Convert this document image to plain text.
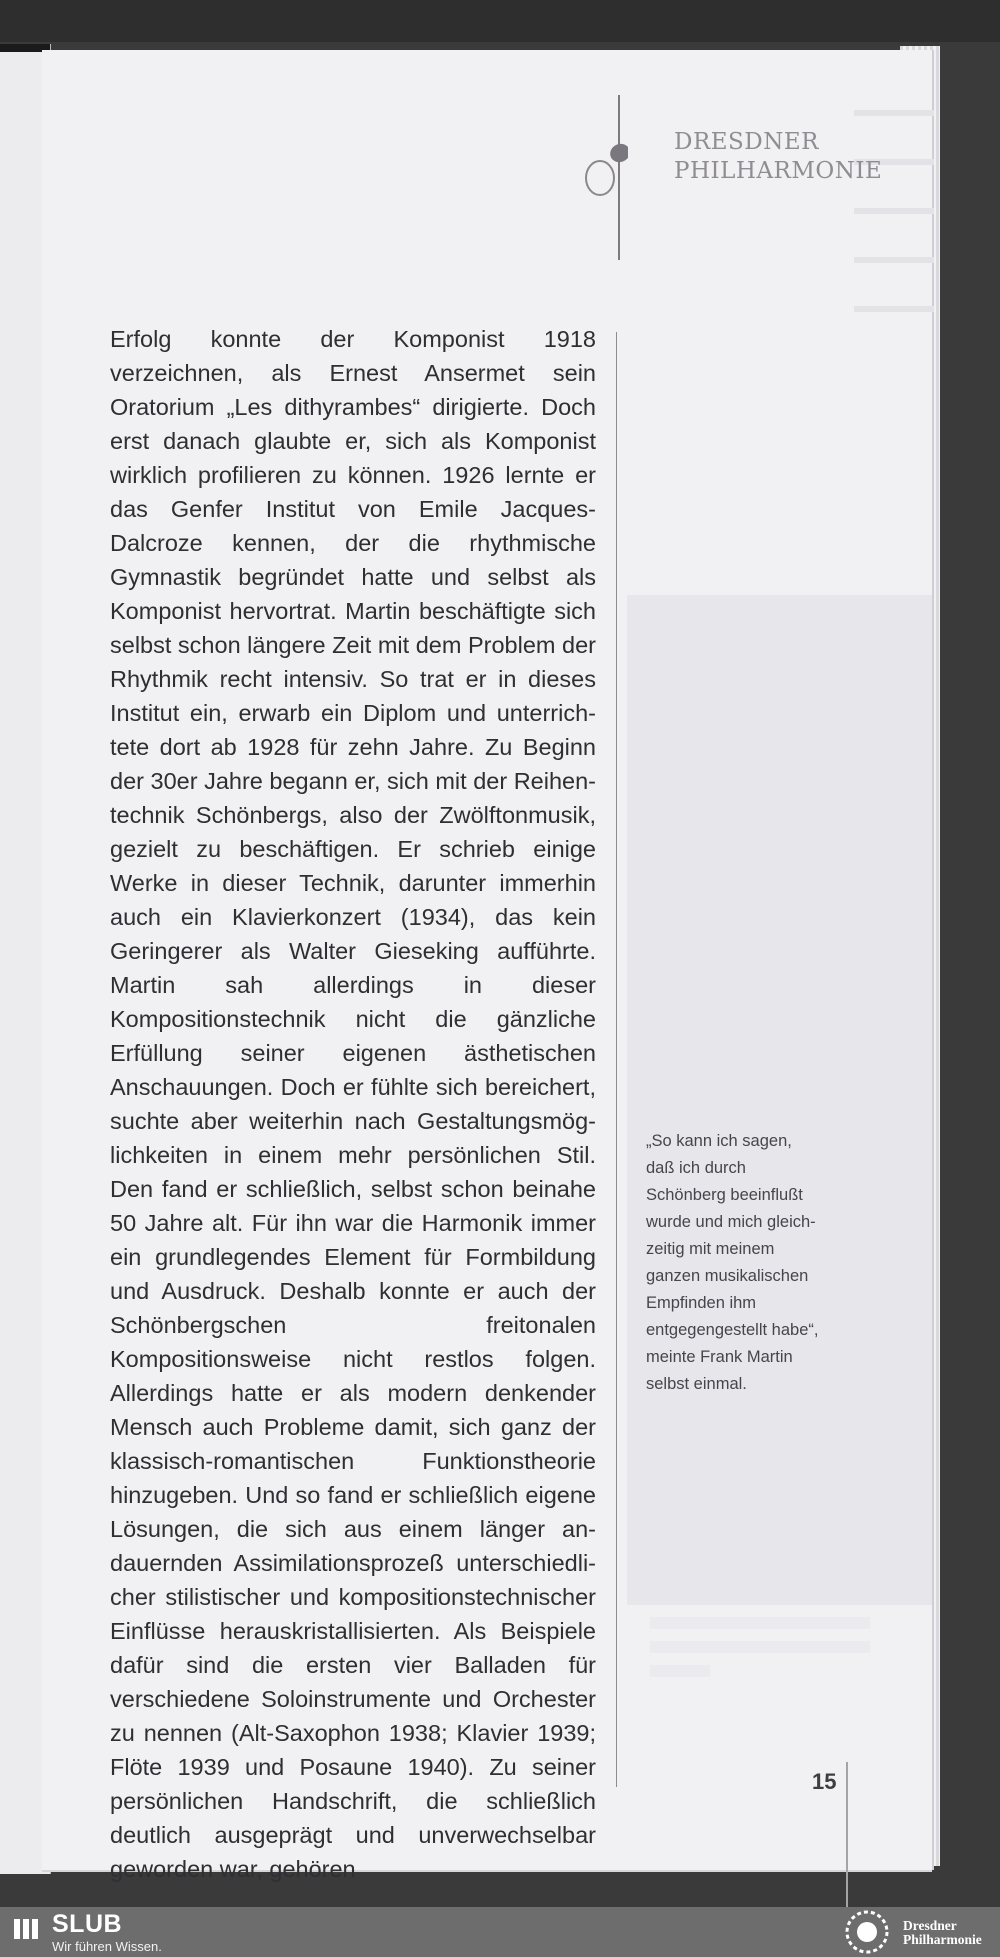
DRESDNER
PHILHARMONIE

Erfolg konnte der Komponist 1918 verzeichnen, als Ernest Ansermet sein Oratorium „Les dithyrambes“ dirigierte. Doch erst danach glaubte er, sich als Komponist wirklich profilieren zu können. 1926 lernte er das Genfer Institut von Emile Jacques-Dalcroze kennen, der die rhythmische Gymnastik begründet hatte und selbst als Komponist hervortrat. Martin beschäftigte sich selbst schon längere Zeit mit dem Problem der Rhythmik recht intensiv. So trat er in dieses Institut ein, erwarb ein Diplom und unterrichtete dort ab 1928 für zehn Jahre. Zu Beginn der 30er Jahre begann er, sich mit der Reihentechnik Schönbergs, also der Zwölftonmusik, gezielt zu beschäftigen. Er schrieb einige Werke in dieser Technik, darunter immerhin auch ein Klavierkonzert (1934), das kein Geringerer als Walter Gieseking aufführte. Martin sah allerdings in dieser Kompositionstechnik nicht die gänzliche Erfüllung seiner eigenen ästhetischen Anschauungen. Doch er fühlte sich bereichert, suchte aber weiterhin nach Gestaltungsmöglichkeiten in einem mehr persönlichen Stil. Den fand er schließlich, selbst schon beinahe 50 Jahre alt. Für ihn war die Harmonik immer ein grundlegendes Element für Formbildung und Ausdruck. Deshalb konnte er auch der Schönbergschen freitonalen Kompositionsweise nicht restlos folgen. Allerdings hatte er als modern denkender Mensch auch Probleme damit, sich ganz der klassisch-romantischen Funktionstheorie hinzugeben. Und so fand er schließlich eigene Lösungen, die sich aus einem länger andauernden Assimilationsprozeß unterschiedlicher stilistischer und kompositionstechnischer Einflüsse herauskristallisierten. Als Beispiele dafür sind die ersten vier Balladen für verschiedene Soloinstrumente und Orchester zu nennen (Alt-Saxophon 1938; Klavier 1939; Flöte 1939 und Posaune 1940). Zu seiner persönlichen Handschrift, die schließlich deutlich ausgeprägt und unverwechselbar geworden war, gehören

„So kann ich sagen,
daß ich durch
Schönberg beeinflußt
wurde und mich gleich-
zeitig mit meinem
ganzen musikalischen
Empfinden ihm
entgegengestellt habe“,
meinte Frank Martin
selbst einmal.

15
SLUB
Wir führen Wissen.
Dresdner
Philharmonie
